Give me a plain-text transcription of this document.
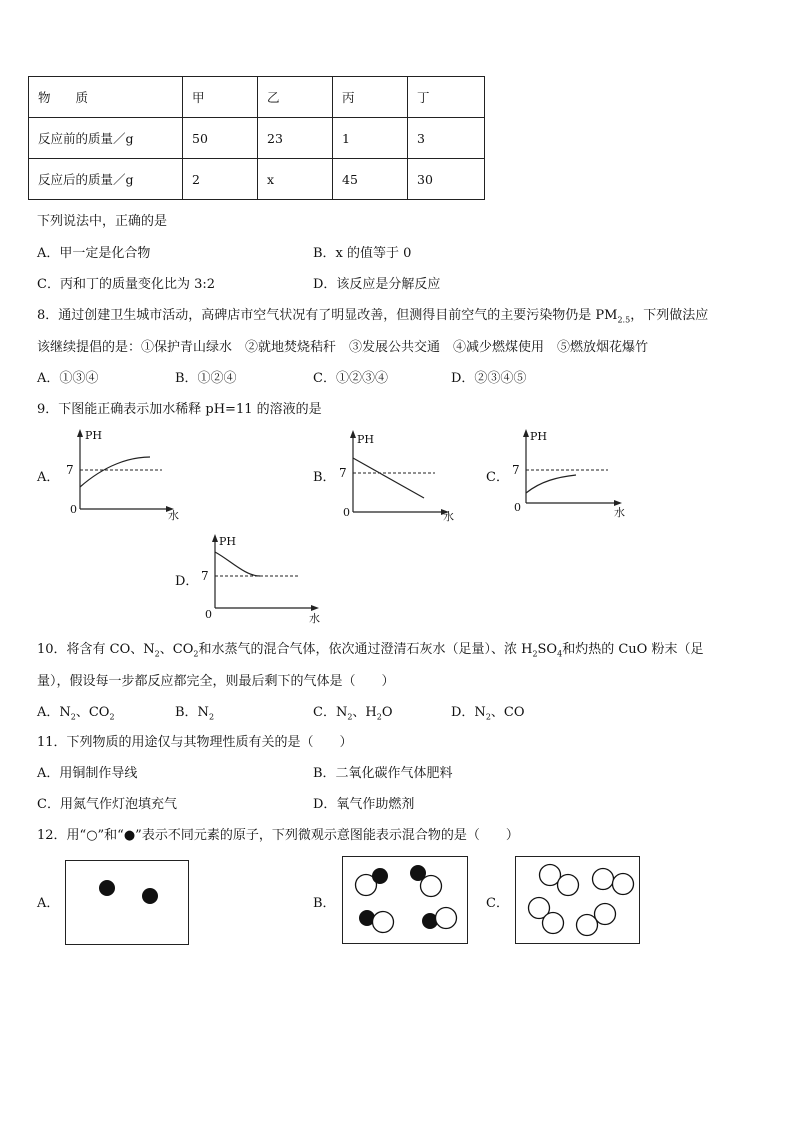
物　　质	甲	乙	丙	丁
反应前的质量／g	50	23	1	3
反应后的质量／g	2	x	45	30
下列说法中，正确的是
A．甲一定是化合物	B．x 的值等于 0
C．丙和丁的质量变化比为 3:2	D．该反应是分解反应
8．通过创建卫生城市活动，高碑店市空气状况有了明显改善，但测得目前空气的主要污染物仍是 $PM_{2.5}$，下列做法应
该继续提倡的是：①保护青山绿水　②就地焚烧秸秆　③发展公共交通　④减少燃煤使用　⑤燃放烟花爆竹
A．①③④	B．①②④	C．①②③④	D．②③④⑤
9．下图能正确表示加水稀释 pH=11 的溶液的是
A．	B．	C．
D．
PH
7
0	水
PH
7
0	水
PH
7
0	水
PH
7
0	水
10．将含有 CO、$N_2$、$CO_2$和水蒸气的混合气体，依次通过澄清石灰水（足量）、浓 $H_2SO_4$和灼热的 CuO 粉末（足
量），假设每一步都反应都完全，则最后剩下的气体是（　　）
A．$N_2$、$CO_2$	B．$N_2$	C．$N_2$、$H_2O$	D．$N_2$、CO
11．下列物质的用途仅与其物理性质有关的是（　　）
A．用铜制作导线	B．二氧化碳作气体肥料
C．用氮气作灯泡填充气	D．氧气作助燃剂
12．用“○”和“●”表示不同元素的原子，下列微观示意图能表示混合物的是（　　）
A．	B．	C．
